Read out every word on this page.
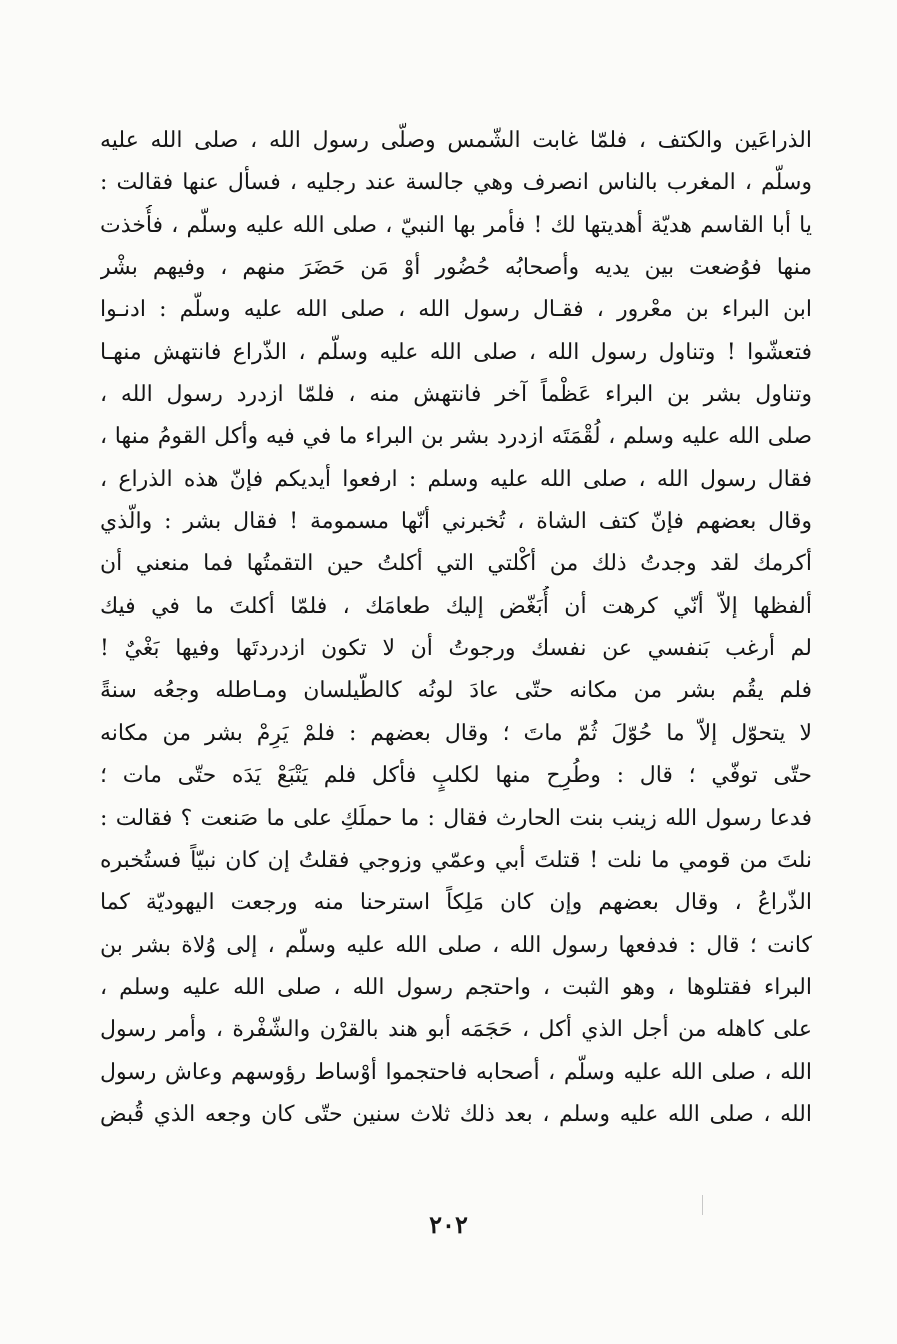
الذراعَين والكتف ، فلمّا غابت الشّمس وصلّى رسول الله ، صلى الله عليه
وسلّم ، المغرب بالناس انصرف وهي جالسة عند رجليه ، فسأل عنها فقالت :
يا أبا القاسم هديّة أهديتها لك ! فأمر بها النبيّ ، صلى الله عليه وسلّم ، فأُخذت
منها فوُضعت بين يديه وأصحابُه حُضُور أوْ مَن حَضَرَ منهم ، وفيهم بشْر
ابن البراء بن معْرور ، فقـال رسول الله ، صلى الله عليه وسلّم : ادنـوا
فتعشّوا ! وتناول رسول الله ، صلى الله عليه وسلّم ، الذّراع فانتهش منهـا
وتناول بشر بن البراء عَظْماً آخر فانتهش منه ، فلمّا ازدرد رسول الله ،
صلى الله عليه وسلم ، لُقْمَتَه ازدرد بشر بن البراء ما في فيه وأكل القومُ منها ،
فقال رسول الله ، صلى الله عليه وسلم : ارفعوا أيديكم فإنّ هذه الذراع ،
وقال بعضهم فإنّ كتف الشاة ، تُخبرني أنّها مسمومة ! فقال بشر : والّذي
أكرمك لقد وجدتُ ذلك من أكْلتي التي أكلتُ حين التقمتُها فما منعني أن
ألفظها إلاّ أنّي كرهت أن أُبَغّض إليك طعامَك ، فلمّا أكلتَ ما في فيك
لم أرغب بَنفسي عن نفسك ورجوتُ أن لا تكون ازدردتَها وفيها بَغْيٌ !
فلم يقُم بشر من مكانه حتّى عادَ لونُه كالطّيلسان ومـاطله وجعُه سنةً
لا يتحوّل إلاّ ما حُوّلَ ثُمّ ماتَ ؛ وقال بعضهم : فلمْ يَرِمْ بشر من مكانه
حتّى توفّي ؛ قال : وطُرِح منها لكلبٍ فأكل فلم يَتْبَعْ يَدَه حتّى مات ؛
فدعا رسول الله زينب بنت الحارث فقال : ما حملَكِ على ما صَنعت ؟ فقالت :
نلتَ من قومي ما نلت ! قتلتَ أبي وعمّي وزوجي فقلتُ إن كان نبيّاً فستُخبره
الذّراعُ ، وقال بعضهم وإن كان مَلِكاً استرحنا منه ورجعت اليهوديّة كما
كانت ؛ قال : فدفعها رسول الله ، صلى الله عليه وسلّم ، إلى وُلاة بشر بن
البراء فقتلوها ، وهو الثبت ، واحتجم رسول الله ، صلى الله عليه وسلم ،
على كاهله من أجل الذي أكل ، حَجَمَه أبو هند بالقرْن والشّفْرة ، وأمر رسول
الله ، صلى الله عليه وسلّم ، أصحابه فاحتجموا أوْساط رؤوسهم وعاش رسول
الله ، صلى الله عليه وسلم ، بعد ذلك ثلاث سنين حتّى كان وجعه الذي قُبض
٢٠٢
